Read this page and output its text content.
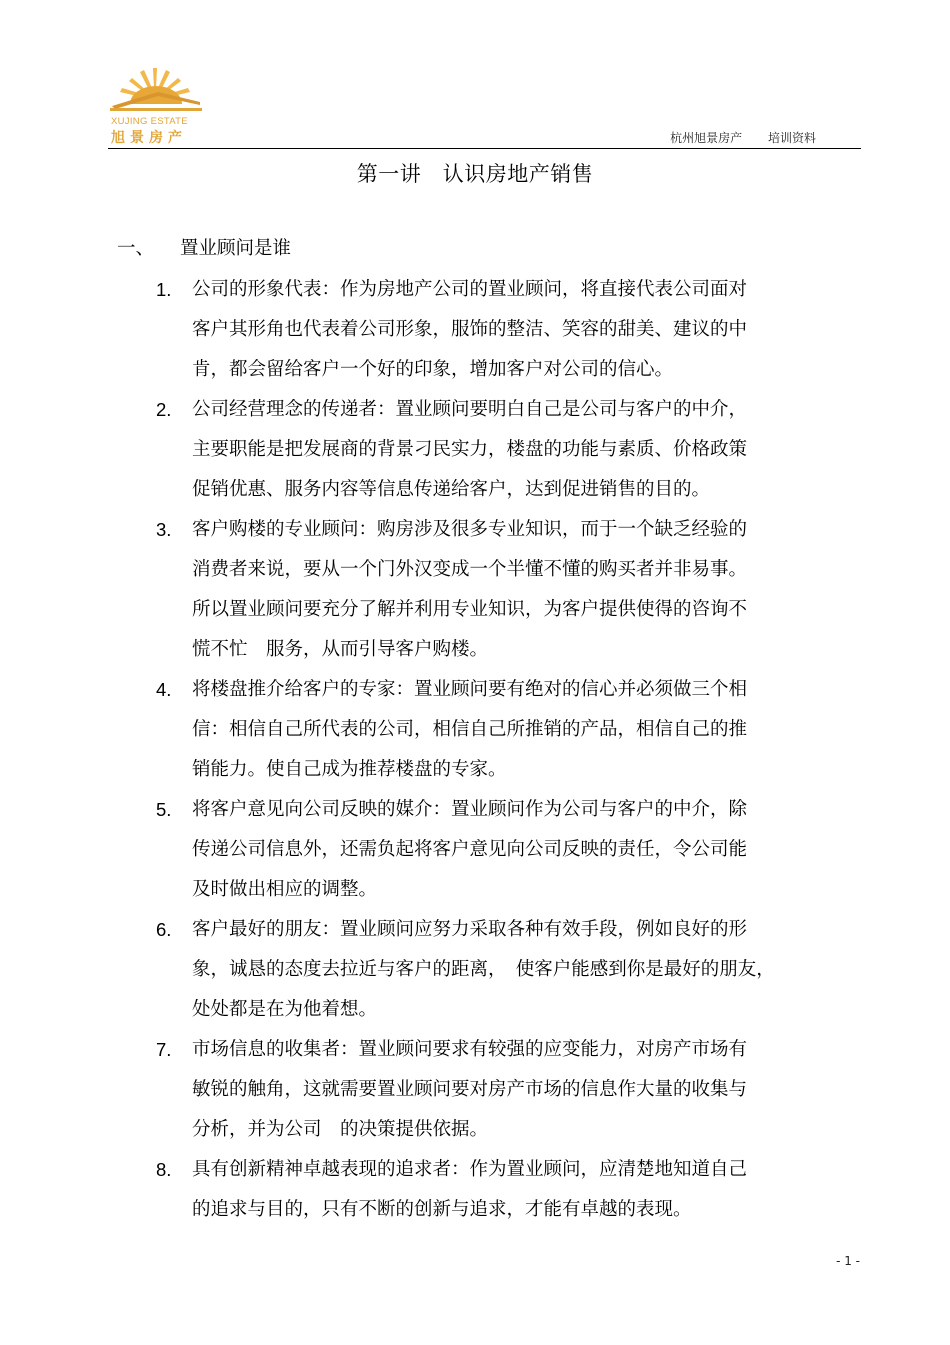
XUJING ESTATE
旭景房产	杭州旭景房产 培训资料
第一讲　认识房地产销售
一、 置业顾问是谁
1.	公司的形象代表：作为房地产公司的置业顾问，将直接代表公司面对
客户其形角也代表着公司形象，服饰的整洁、笑容的甜美、建议的中
肯，都会留给客户一个好的印象，增加客户对公司的信心。
2.	公司经营理念的传递者：置业顾问要明白自己是公司与客户的中介，
主要职能是把发展商的背景刁民实力，楼盘的功能与素质、价格政策
促销优惠、服务内容等信息传递给客户，达到促进销售的目的。
3.	客户购楼的专业顾问：购房涉及很多专业知识，而于一个缺乏经验的
消费者来说，要从一个门外汉变成一个半懂不懂的购买者并非易事。
所以置业顾问要充分了解并利用专业知识，为客户提供使得的咨询不
慌不忙　服务，从而引导客户购楼。
4.	将楼盘推介给客户的专家：置业顾问要有绝对的信心并必须做三个相
信：相信自己所代表的公司，相信自己所推销的产品，相信自己的推
销能力。使自己成为推荐楼盘的专家。
5.	将客户意见向公司反映的媒介：置业顾问作为公司与客户的中介，除
传递公司信息外，还需负起将客户意见向公司反映的责任，令公司能
及时做出相应的调整。
6.	客户最好的朋友：置业顾问应努力采取各种有效手段，例如良好的形
象，诚恳的态度去拉近与客户的距离，　使客户能感到你是最好的朋友，
处处都是在为他着想。
7.	市场信息的收集者：置业顾问要求有较强的应变能力，对房产市场有
敏锐的触角，这就需要置业顾问要对房产市场的信息作大量的收集与
分析，并为公司　的决策提供依据。
8.	具有创新精神卓越表现的追求者：作为置业顾问，应清楚地知道自己
的追求与目的，只有不断的创新与追求，才能有卓越的表现。
- 1 -
